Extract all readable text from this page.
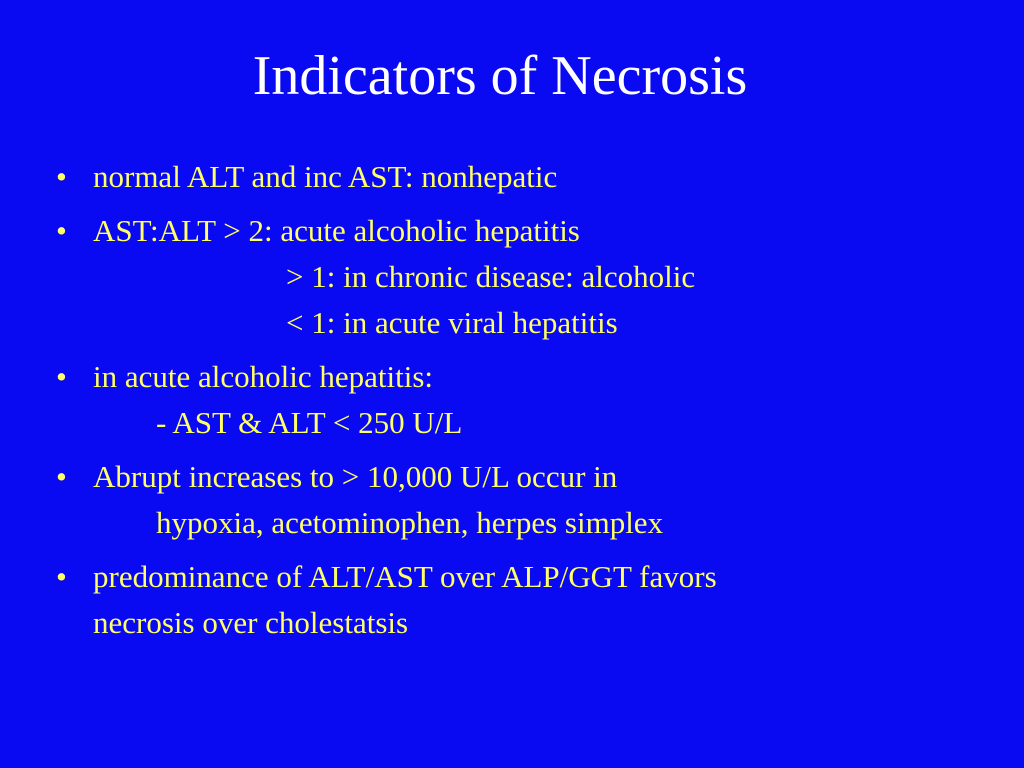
Indicators of Necrosis
• normal ALT and inc AST: nonhepatic
• AST:ALT > 2: acute alcoholic hepatitis
> 1: in chronic disease: alcoholic
< 1: in acute viral hepatitis
• in acute alcoholic hepatitis:
- AST & ALT < 250 U/L
• Abrupt increases to > 10,000 U/L occur in
hypoxia, acetominophen, herpes simplex
• predominance of ALT/AST over ALP/GGT favors
necrosis over cholestatsis
